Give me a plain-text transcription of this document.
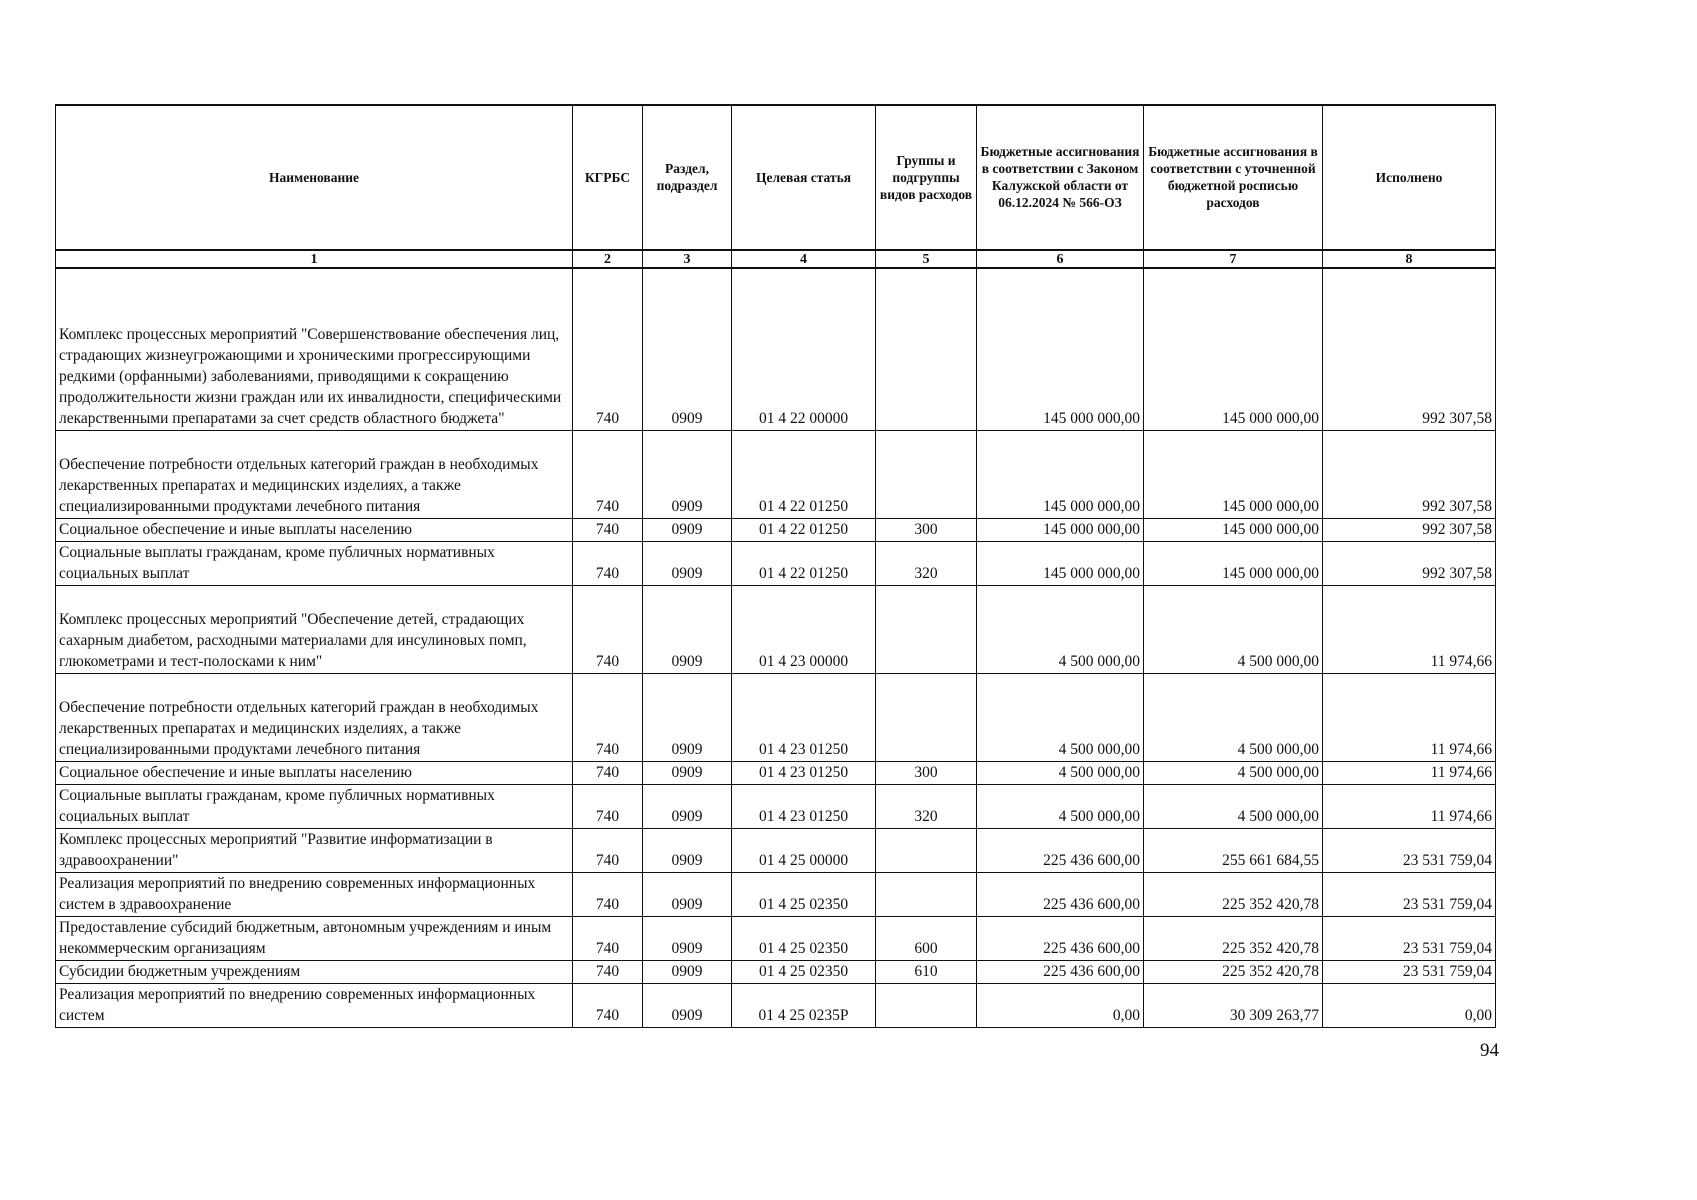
Наименование	КГРБС	Раздел, подраздел	Целевая статья	Группы и подгруппы видов расходов	Бюджетные ассигнования в соответствии с Законом Калужской области от 06.12.2024 № 566-ОЗ	Бюджетные ассигнования в соответствии с уточненной бюджетной росписью расходов	Исполнено
1	2	3	4	5	6	7	8
Комплекс процессных мероприятий "Совершенствование обеспечения лиц, страдающих жизнеугрожающими и хроническими прогрессирующими редкими (орфанными) заболеваниями, приводящими к сокращению продолжительности жизни граждан или их инвалидности, специфическими лекарственными препаратами за счет средств областного бюджета"	740	0909	01 4 22 00000		145 000 000,00	145 000 000,00	992 307,58
Обеспечение потребности отдельных категорий граждан в необходимых лекарственных препаратах и медицинских изделиях, а также специализированными продуктами лечебного питания	740	0909	01 4 22 01250		145 000 000,00	145 000 000,00	992 307,58
Социальное обеспечение и иные выплаты населению	740	0909	01 4 22 01250	300	145 000 000,00	145 000 000,00	992 307,58
Социальные выплаты гражданам, кроме публичных нормативных социальных выплат	740	0909	01 4 22 01250	320	145 000 000,00	145 000 000,00	992 307,58
Комплекс процессных мероприятий "Обеспечение детей, страдающих сахарным диабетом, расходными материалами для инсулиновых помп, глюкометрами и тест-полосками к ним"	740	0909	01 4 23 00000		4 500 000,00	4 500 000,00	11 974,66
Обеспечение потребности отдельных категорий граждан в необходимых лекарственных препаратах и медицинских изделиях, а также специализированными продуктами лечебного питания	740	0909	01 4 23 01250		4 500 000,00	4 500 000,00	11 974,66
Социальное обеспечение и иные выплаты населению	740	0909	01 4 23 01250	300	4 500 000,00	4 500 000,00	11 974,66
Социальные выплаты гражданам, кроме публичных нормативных социальных выплат	740	0909	01 4 23 01250	320	4 500 000,00	4 500 000,00	11 974,66
Комплекс процессных мероприятий "Развитие информатизации в здравоохранении"	740	0909	01 4 25 00000		225 436 600,00	255 661 684,55	23 531 759,04
Реализация мероприятий по внедрению современных информационных систем в здравоохранение	740	0909	01 4 25 02350		225 436 600,00	225 352 420,78	23 531 759,04
Предоставление субсидий бюджетным, автономным учреждениям и иным некоммерческим организациям	740	0909	01 4 25 02350	600	225 436 600,00	225 352 420,78	23 531 759,04
Субсидии бюджетным учреждениям	740	0909	01 4 25 02350	610	225 436 600,00	225 352 420,78	23 531 759,04
Реализация мероприятий по внедрению современных информационных систем	740	0909	01 4 25 0235Р		0,00	30 309 263,77	0,00
94
